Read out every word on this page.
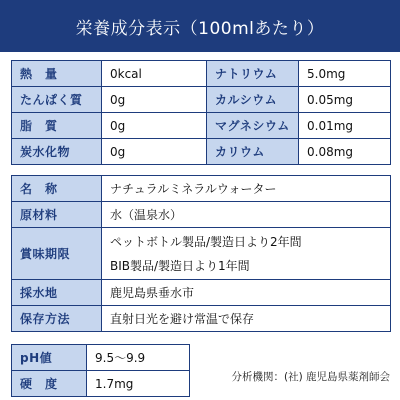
栄養成分表示（100mlあたり）
熱　量	0kcal	ナトリウム	5.0mg
たんぱく質	0g	カルシウム	0.05mg
脂　質	0g	マグネシウム	0.01mg
炭水化物	0g	カリウム	0.08mg
名　称	ナチュラルミネラルウォーター
原材料	水（温泉水）
賞味期限	ペットボトル製品/製造日より2年間
BIB製品/製造日より1年間

採水地	鹿児島県垂水市
保存方法	直射日光を避け常温で保存
pH値	9.5〜9.9
硬　度	1.7mg	分析機関：(社) 鹿児島県薬剤師会
